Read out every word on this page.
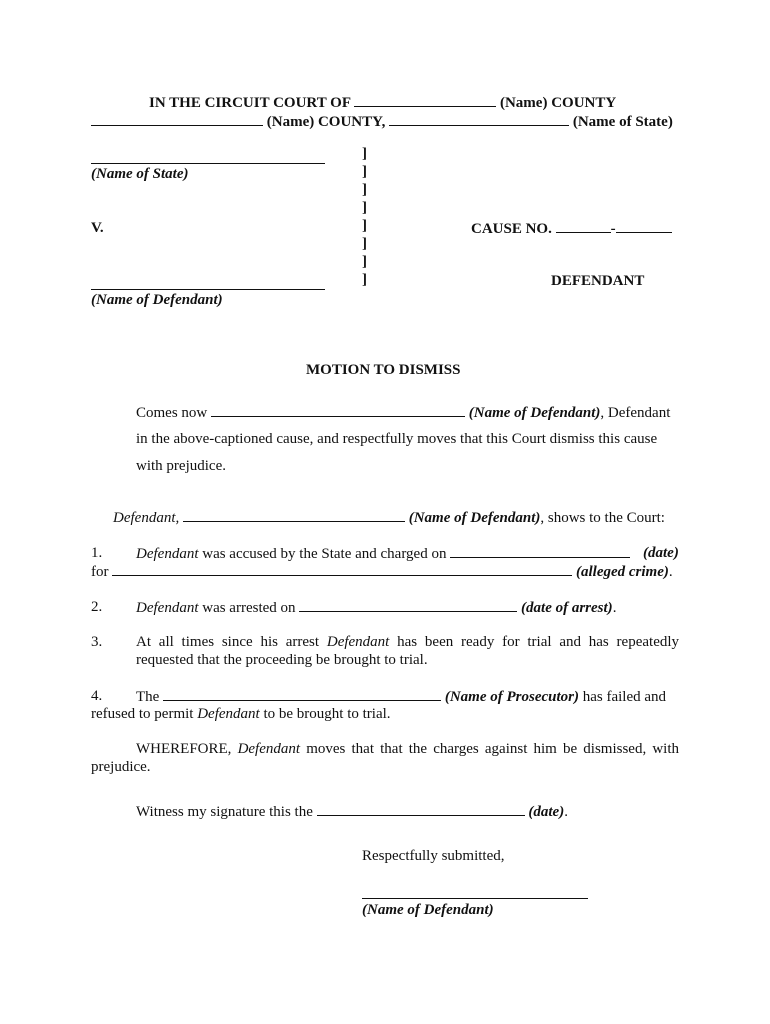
IN THE CIRCUIT COURT OF	(Name) COUNTY
(Name) COUNTY,	(Name of State)
(Name of State)
V.
(Name of Defendant)
]
]
]
]
]
]
]
]
CAUSE NO.	-
DEFENDANT
MOTION TO DISMISS
Comes now	(Name of Defendant), Defendant
in the above-captioned cause, and respectfully moves that this Court dismiss this cause
with prejudice.
Defendant,	(Name of Defendant), shows to the Court:
1. Defendant was accused by the State and charged on	(date)
for	(alleged crime).
2. Defendant was arrested on	(date of arrest).
3. At all times since his arrest Defendant has been ready for trial and has repeatedly
requested that the proceeding be brought to trial.
4. The	(Name of Prosecutor) has failed and
refused to permit Defendant to be brought to trial.
WHEREFORE, Defendant moves that that the charges against him be dismissed, with
prejudice.
Witness my signature this the	(date).
Respectfully submitted,
(Name of Defendant)
